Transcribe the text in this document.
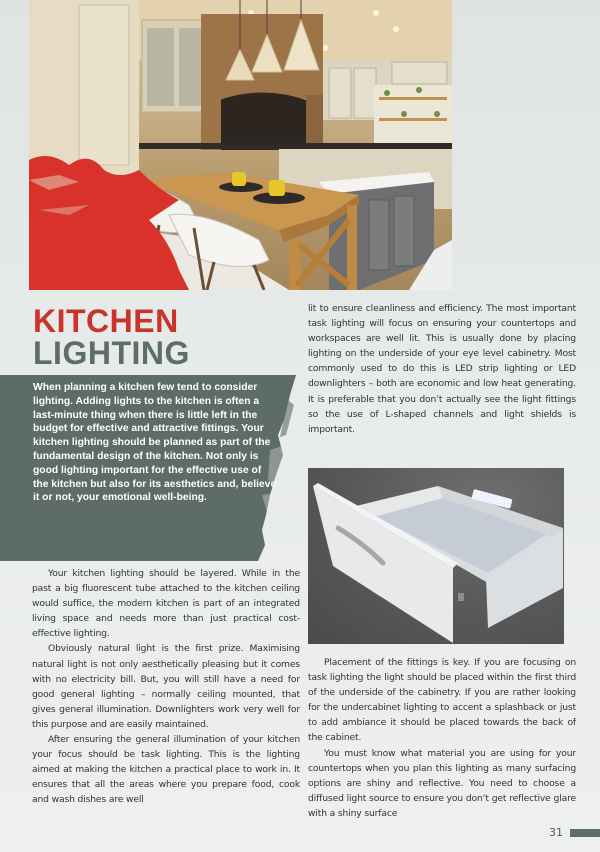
KITCHEN
LIGHTING

When planning a kitchen few tend to consider lighting. Adding lights to the kitchen is often a last-minute thing when there is little left in the budget for effective and attractive fittings. Your kitchen lighting should be planned as part of the fundamental design of the kitchen. Not only is good lighting important for the effective use of the kitchen but also for its aesthetics and, believe it or not, your emotional well-being.

Your kitchen lighting should be layered. While in the past a big fluorescent tube attached to the kitchen ceiling would suffice, the modern kitchen is part of an integrated living space and needs more than just practical cost-effective lighting.

Obviously natural light is the first prize. Maximising natural light is not only aesthetically pleasing but it comes with no electricity bill. But, you will still have a need for good general lighting – normally ceiling mounted, that gives general illumination. Downlighters work very well for this purpose and are easily maintained.

After ensuring the general illumination of your kitchen your focus should be task lighting. This is the lighting aimed at making the kitchen a practical place to work in. It ensures that all the areas where you prepare food, cook and wash dishes are well

lit to ensure cleanliness and efficiency. The most important task lighting will focus on ensuring your countertops and workspaces are well lit. This is usually done by placing lighting on the underside of your eye level cabinetry. Most commonly used to do this is LED strip lighting or LED downlighters – both are economic and low heat generating. It is preferable that you don’t actually see the light fittings so the use of L-shaped channels and light shields is important.

Placement of the fittings is key. If you are focusing on task lighting the light should be placed within the first third of the underside of the cabinetry. If you are rather looking for the undercabinet lighting to accent a splashback or just to add ambiance it should be placed towards the back of the cabinet.

You must know what material you are using for your countertops when you plan this lighting as many surfacing options are shiny and reflective. You need to choose a diffused light source to ensure you don’t get reflective glare with a shiny surface

31
